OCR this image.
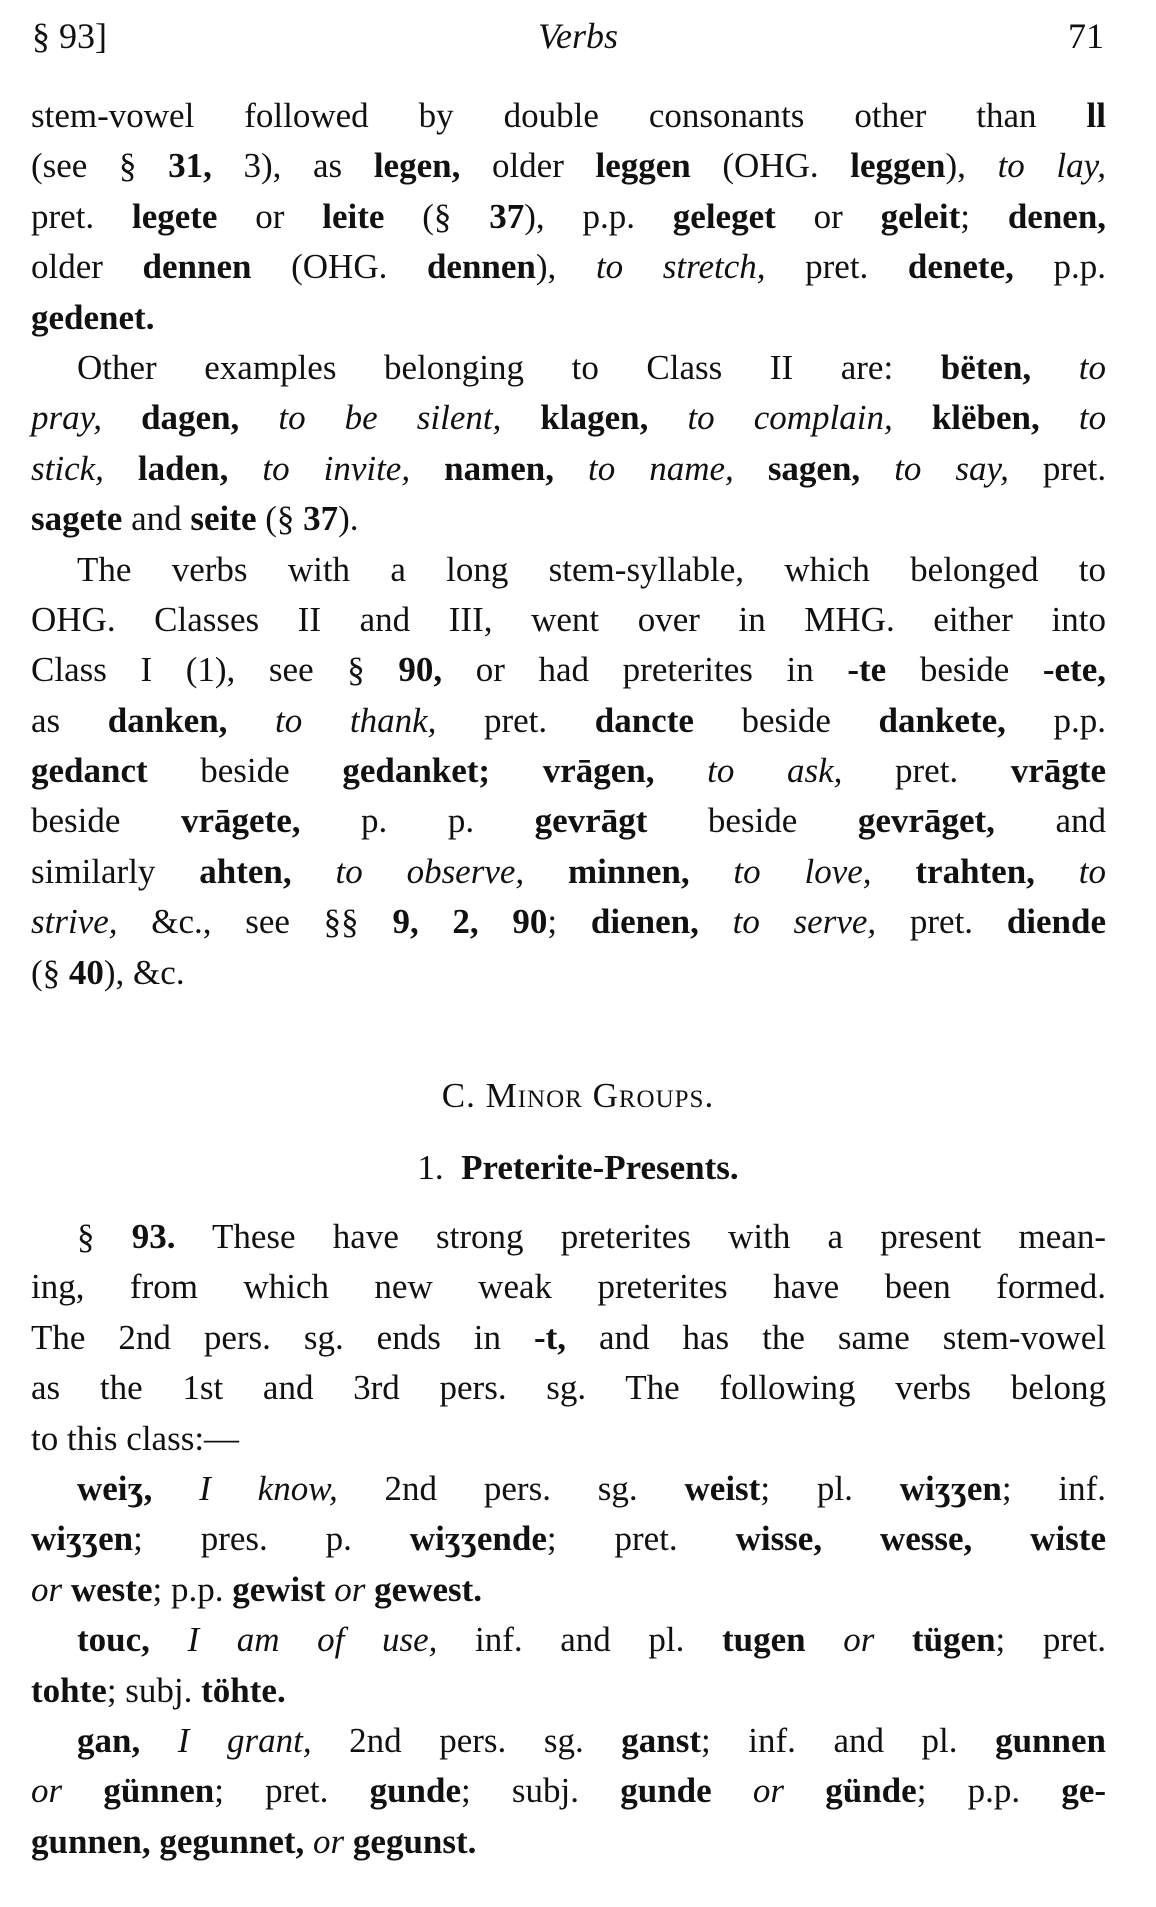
§ 93]	Verbs	71
stem-vowel followed by double consonants other than ll
(see § 31, 3), as legen, older leggen (OHG. leggen), to lay,
pret. legete or leite (§ 37), p.p. geleget or geleit; denen,
older dennen (OHG. dennen), to stretch, pret. denete, p.p.
gedenet.
Other examples belonging to Class II are: bëten, to
pray, dagen, to be silent, klagen, to complain, klëben, to
stick, laden, to invite, namen, to name, sagen, to say, pret.
sagete and seite (§ 37).
The verbs with a long stem-syllable, which belonged to
OHG. Classes II and III, went over in MHG. either into
Class I (1), see § 90, or had preterites in -te beside -ete,
as danken, to thank, pret. dancte beside dankete, p.p.
gedanct beside gedanket; vrāgen, to ask, pret. vrāgte
beside vrāgete, p. p. gevrāgt beside gevrāget, and
similarly ahten, to observe, minnen, to love, trahten, to
strive, &c., see §§ 9, 2, 90; dienen, to serve, pret. diende
(§ 40), &c.
C. Minor Groups.
1. Preterite-Presents.
§ 93. These have strong preterites with a present mean-
ing, from which new weak preterites have been formed.
The 2nd pers. sg. ends in -t, and has the same stem-vowel
as the 1st and 3rd pers. sg. The following verbs belong
to this class:—
weiʒ, I know, 2nd pers. sg. weist; pl. wiʒʒen; inf.
wiʒʒen; pres. p. wiʒʒende; pret. wisse, wesse, wiste
or weste; p.p. gewist or gewest.
touc, I am of use, inf. and pl. tugen or tügen; pret.
tohte; subj. töhte.
gan, I grant, 2nd pers. sg. ganst; inf. and pl. gunnen
or günnen; pret. gunde; subj. gunde or günde; p.p. ge-
gunnen, gegunnet, or gegunst.
